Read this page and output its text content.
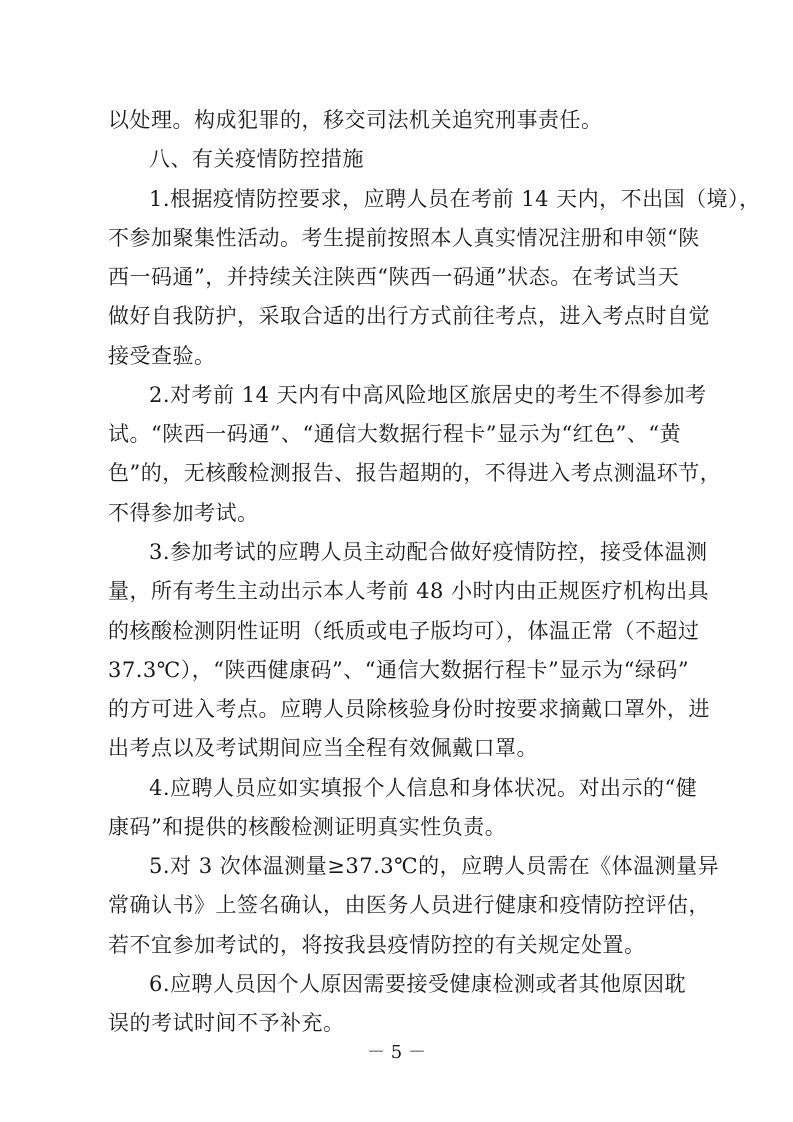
以处理。构成犯罪的，移交司法机关追究刑事责任。
八、有关疫情防控措施
1.根据疫情防控要求，应聘人员在考前 14 天内，不出国（境），
不参加聚集性活动。考生提前按照本人真实情况注册和申领“陕
西一码通”，并持续关注陕西“陕西一码通”状态。在考试当天
做好自我防护，采取合适的出行方式前往考点，进入考点时自觉
接受查验。
2.对考前 14 天内有中高风险地区旅居史的考生不得参加考
试。“陕西一码通”、“通信大数据行程卡”显示为“红色”、“黄
色”的，无核酸检测报告、报告超期的，不得进入考点测温环节，
不得参加考试。
3.参加考试的应聘人员主动配合做好疫情防控，接受体温测
量，所有考生主动出示本人考前 48 小时内由正规医疗机构出具
的核酸检测阴性证明（纸质或电子版均可），体温正常（不超过
37.3℃），“陕西健康码”、“通信大数据行程卡”显示为“绿码”
的方可进入考点。应聘人员除核验身份时按要求摘戴口罩外，进
出考点以及考试期间应当全程有效佩戴口罩。
4.应聘人员应如实填报个人信息和身体状况。对出示的“健
康码”和提供的核酸检测证明真实性负责。
5.对 3 次体温测量≥37.3℃的，应聘人员需在《体温测量异
常确认书》上签名确认，由医务人员进行健康和疫情防控评估，
若不宜参加考试的，将按我县疫情防控的有关规定处置。
6.应聘人员因个人原因需要接受健康检测或者其他原因耽
误的考试时间不予补充。
－ 5 －
